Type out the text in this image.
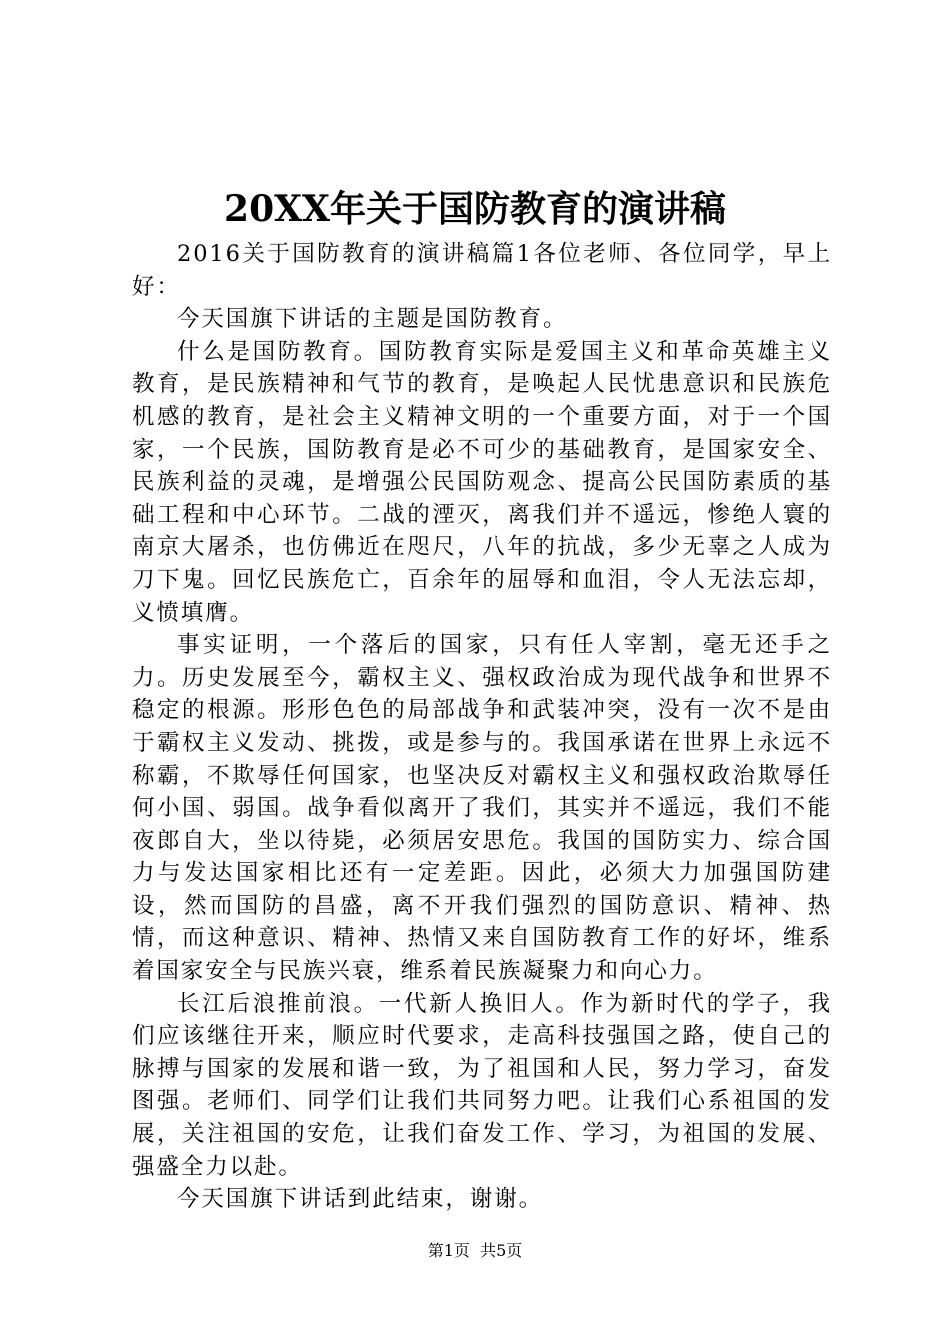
20XX年关于国防教育的演讲稿

2016关于国防教育的演讲稿篇1各位老师、各位同学，早上好：

今天国旗下讲话的主题是国防教育。

什么是国防教育。国防教育实际是爱国主义和革命英雄主义教育，是民族精神和气节的教育，是唤起人民忧患意识和民族危机感的教育，是社会主义精神文明的一个重要方面，对于一个国家，一个民族，国防教育是必不可少的基础教育，是国家安全、民族利益的灵魂，是增强公民国防观念、提高公民国防素质的基础工程和中心环节。二战的湮灭，离我们并不遥远，惨绝人寰的南京大屠杀，也仿佛近在咫尺，八年的抗战，多少无辜之人成为刀下鬼。回忆民族危亡，百余年的屈辱和血泪，令人无法忘却，义愤填膺。

事实证明，一个落后的国家，只有任人宰割，毫无还手之力。历史发展至今，霸权主义、强权政治成为现代战争和世界不稳定的根源。形形色色的局部战争和武装冲突，没有一次不是由于霸权主义发动、挑拨，或是参与的。我国承诺在世界上永远不称霸，不欺辱任何国家，也坚决反对霸权主义和强权政治欺辱任何小国、弱国。战争看似离开了我们，其实并不遥远，我们不能夜郎自大，坐以待毙，必须居安思危。我国的国防实力、综合国力与发达国家相比还有一定差距。因此，必须大力加强国防建设，然而国防的昌盛，离不开我们强烈的国防意识、精神、热情，而这种意识、精神、热情又来自国防教育工作的好坏，维系着国家安全与民族兴衰，维系着民族凝聚力和向心力。

长江后浪推前浪。一代新人换旧人。作为新时代的学子，我们应该继往开来，顺应时代要求，走高科技强国之路，使自己的脉搏与国家的发展和谐一致，为了祖国和人民，努力学习，奋发图强。老师们、同学们让我们共同努力吧。让我们心系祖国的发展，关注祖国的安危，让我们奋发工作、学习，为祖国的发展、强盛全力以赴。

今天国旗下讲话到此结束，谢谢。

第1页  共5页
